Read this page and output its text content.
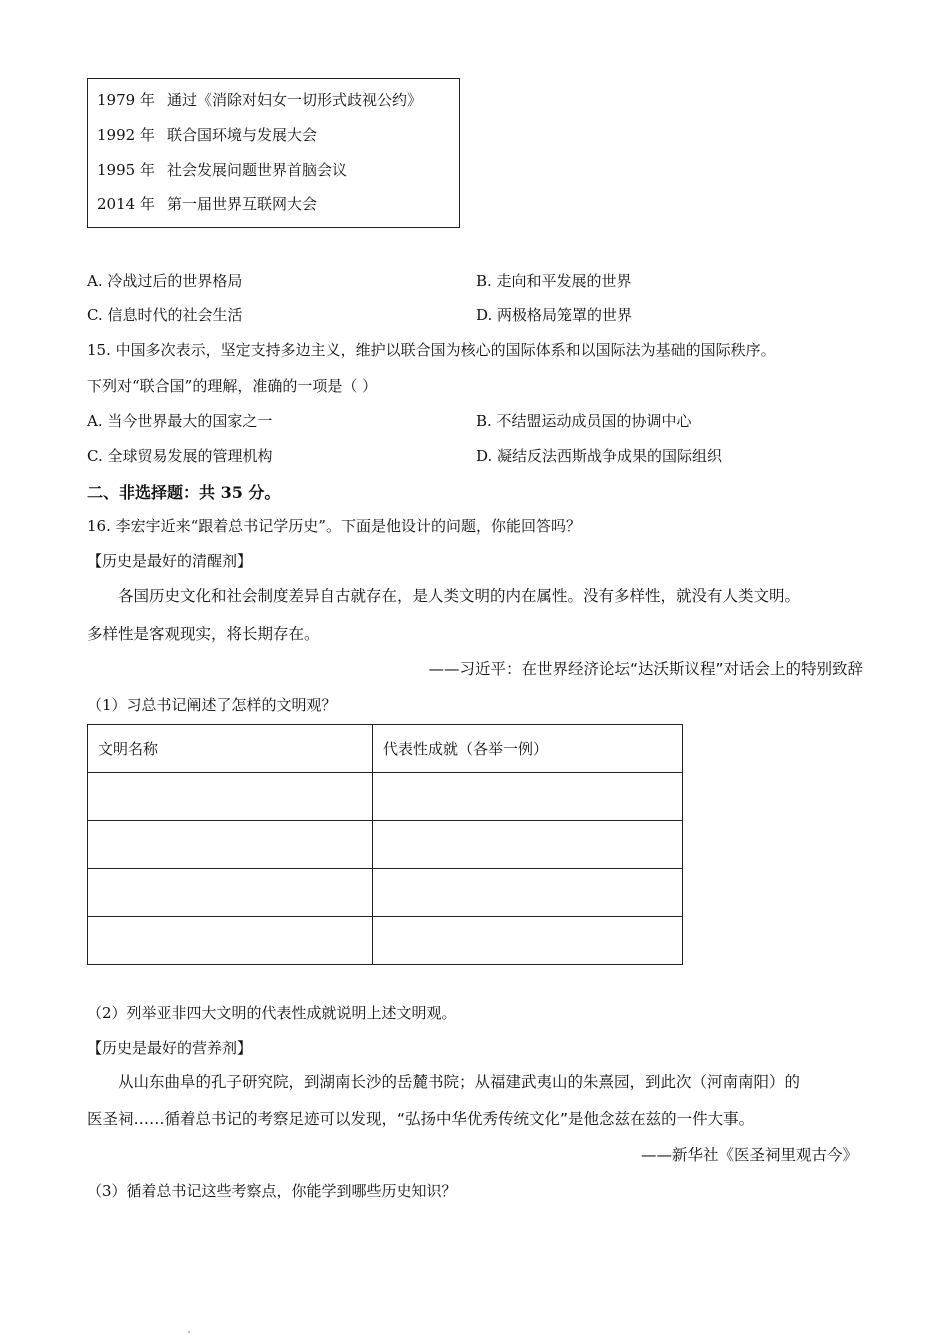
1979 年 通过《消除对妇女一切形式歧视公约》
1992 年 联合国环境与发展大会
1995 年 社会发展问题世界首脑会议
2014 年 第一届世界互联网大会
A. 冷战过后的世界格局	B. 走向和平发展的世界
C. 信息时代的社会生活	D. 两极格局笼罩的世界
15. 中国多次表示，坚定支持多边主义，维护以联合国为核心的国际体系和以国际法为基础的国际秩序。
下列对“联合国”的理解，准确的一项是（ ）
A. 当今世界最大的国家之一	B. 不结盟运动成员国的协调中心
C. 全球贸易发展的管理机构	D. 凝结反法西斯战争成果的国际组织
二、非选择题：共 35 分。
16. 李宏宇近来“跟着总书记学历史”。下面是他设计的问题，你能回答吗？
【历史是最好的清醒剂】
各国历史文化和社会制度差异自古就存在，是人类文明的内在属性。没有多样性，就没有人类文明。
多样性是客观现实，将长期存在。
——习近平：在世界经济论坛“达沃斯议程”对话会上的特别致辞
（1）习总书记阐述了怎样的文明观？
文明名称	代表性成就（各举一例）

（2）列举亚非四大文明的代表性成就说明上述文明观。
【历史是最好的营养剂】
从山东曲阜的孔子研究院，到湖南长沙的岳麓书院；从福建武夷山的朱熹园，到此次（河南南阳）的
医圣祠……循着总书记的考察足迹可以发现，“弘扬中华优秀传统文化”是他念兹在兹的一件大事。
——新华社《医圣祠里观古今》
（3）循着总书记这些考察点，你能学到哪些历史知识？
